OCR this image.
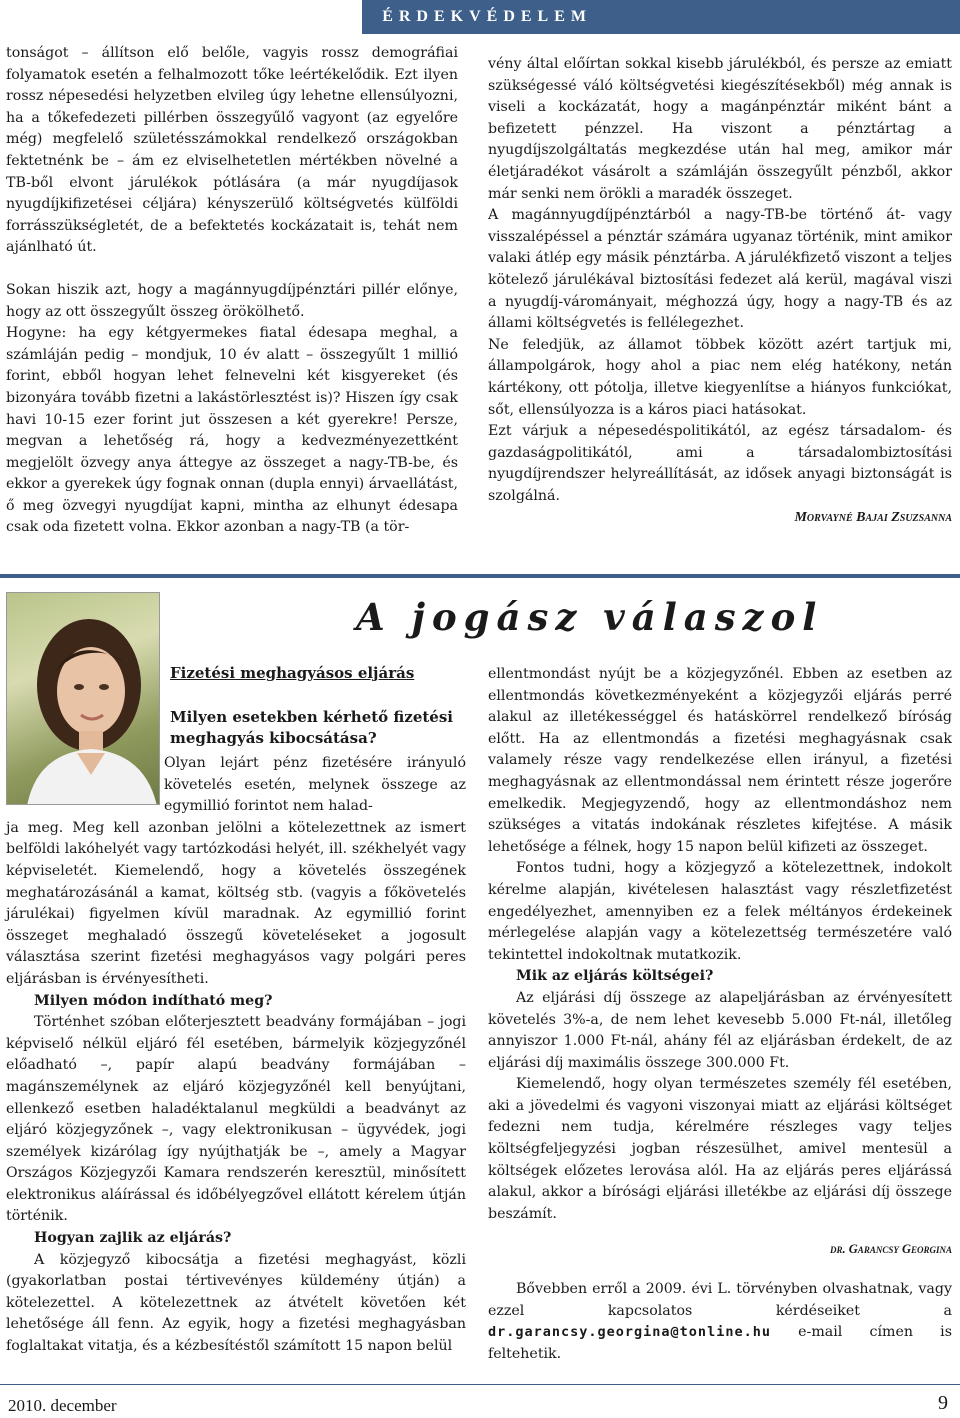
ÉRDEKVÉDELEM

tonságot – állítson elő belőle, vagyis rossz demográfiai folyamatok esetén a felhalmozott tőke leértékelődik. Ezt ilyen rossz népesedési helyzetben elvileg úgy lehetne ellensúlyozni, ha a tőkefedezeti pillérben összegyűlő vagyont (az egyelőre még) megfelelő születésszámokkal rendelkező országokban fektetnénk be – ám ez elviselhetetlen mértékben növelné a TB-ből elvont járulékok pótlására (a már nyugdíjasok nyugdíjkifizetései céljára) kényszerülő költségvetés külföldi forrásszükségletét, de a befektetés kockázatait is, tehát nem ajánlható út.

Sokan hiszik azt, hogy a magánnyugdíjpénztári pillér előnye, hogy az ott összegyűlt összeg örökölhető.

Hogyne: ha egy kétgyermekes fiatal édesapa meghal, a számláján pedig – mondjuk, 10 év alatt – összegyűlt 1 millió forint, ebből hogyan lehet felnevelni két kisgyereket (és bizonyára tovább fizetni a lakástörlesztést is)? Hiszen így csak havi 10-15 ezer forint jut összesen a két gyerekre! Persze, megvan a lehetőség rá, hogy a kedvezményezettként megjelölt özvegy anya áttegye az összeget a nagy-TB-be, és ekkor a gyerekek úgy fognak onnan (dupla ennyi) árvaellátást, ő meg özvegyi nyugdíjat kapni, mintha az elhunyt édesapa csak oda fizetett volna. Ekkor azonban a nagy-TB (a tör-

vény által előírtan sokkal kisebb járulékból, és persze az emiatt szükségessé váló költségvetési kiegészítésekből) még annak is viseli a kockázatát, hogy a magánpénztár miként bánt a befizetett pénzzel. Ha viszont a pénztártag a nyugdíjszolgáltatás megkezdése után hal meg, amikor már életjáradékot vásárolt a számláján összegyűlt pénzből, akkor már senki nem örökli a maradék összeget.

A magánnyugdíjpénztárból a nagy-TB-be történő át- vagy visszalépéssel a pénztár számára ugyanaz történik, mint amikor valaki átlép egy másik pénztárba. A járulékfizető viszont a teljes kötelező járulékával biztosítási fedezet alá kerül, magával viszi a nyugdíj-várományait, méghozzá úgy, hogy a nagy-TB és az állami költségvetés is fellélegezhet.

Ne feledjük, az államot többek között azért tartjuk mi, állampolgárok, hogy ahol a piac nem elég hatékony, netán kártékony, ott pótolja, illetve kiegyenlítse a hiányos funkciókat, sőt, ellensúlyozza is a káros piaci hatásokat.

Ezt várjuk a népesedéspolitikától, az egész társadalom- és gazdaságpolitikától, ami a társadalombiztosítási nyugdíjrendszer helyreállítását, az idősek anyagi biztonságát is szolgálná.

Morvayné Bajai Zsuzsanna

A jogász válaszol
Fizetési meghagyásos eljárás
Milyen esetekben kérhető fizetési meghagyás kibocsátása?

Olyan lejárt pénz fizetésére irányuló követelés esetén, melynek összege az egymillió forintot nem halad-

ja meg. Meg kell azonban jelölni a kötelezettnek az ismert belföldi lakóhelyét vagy tartózkodási helyét, ill. székhelyét vagy képviseletét. Kiemelendő, hogy a követelés összegének meghatározásánál a kamat, költség stb. (vagyis a főkövetelés járulékai) figyelmen kívül maradnak. Az egymillió forint összeget meghaladó összegű követeléseket a jogosult választása szerint fizetési meghagyásos vagy polgári peres eljárásban is érvényesítheti.

Milyen módon indítható meg?

Történhet szóban előterjesztett beadvány formájában – jogi képviselő nélkül eljáró fél esetében, bármelyik közjegyzőnél előadható –, papír alapú beadvány formájában – magánszemélynek az eljáró közjegyzőnél kell benyújtani, ellenkező esetben haladéktalanul megküldi a beadványt az eljáró közjegyzőnek –, vagy elektronikusan – ügyvédek, jogi személyek kizárólag így nyújthatják be –, amely a Magyar Országos Közjegyzői Kamara rendszerén keresztül, minősített elektronikus aláírással és időbélyegzővel ellátott kérelem útján történik.

Hogyan zajlik az eljárás?

A közjegyző kibocsátja a fizetési meghagyást, közli (gyakorlatban postai tértivevényes küldemény útján) a kötelezettel. A kötelezettnek az átvételt követően két lehetősége áll fenn. Az egyik, hogy a fizetési meghagyásban foglaltakat vitatja, és a kézbesítéstől számított 15 napon belül

ellentmondást nyújt be a közjegyzőnél. Ebben az esetben az ellentmondás következményeként a közjegyzői eljárás perré alakul az illetékességgel és hatáskörrel rendelkező bíróság előtt. Ha az ellentmondás a fizetési meghagyásnak csak valamely része vagy rendelkezése ellen irányul, a fizetési meghagyásnak az ellentmondással nem érintett része jogerőre emelkedik. Megjegyzendő, hogy az ellentmondáshoz nem szükséges a vitatás indokának részletes kifejtése. A másik lehetősége a félnek, hogy 15 napon belül kifizeti az összeget.

Fontos tudni, hogy a közjegyző a kötelezettnek, indokolt kérelme alapján, kivételesen halasztást vagy részletfizetést engedélyezhet, amennyiben ez a felek méltányos érdekeinek mérlegelése alapján vagy a kötelezettség természetére való tekintettel indokoltnak mutatkozik.

Mik az eljárás költségei?

Az eljárási díj összege az alapeljárásban az érvényesített követelés 3%-a, de nem lehet kevesebb 5.000 Ft-nál, illetőleg annyiszor 1.000 Ft-nál, ahány fél az eljárásban érdekelt, de az eljárási díj maximális összege 300.000 Ft.

Kiemelendő, hogy olyan természetes személy fél esetében, aki a jövedelmi és vagyoni viszonyai miatt az eljárási költséget fedezni nem tudja, kérelmére részleges vagy teljes költségfeljegyzési jogban részesülhet, amivel mentesül a költségek előzetes lerovása alól. Ha az eljárás peres eljárássá alakul, akkor a bírósági eljárási illetékbe az eljárási díj összege beszámít.

dr. Garancsy Georgina

Bővebben erről a 2009. évi L. törvényben olvashatnak, vagy ezzel kapcsolatos kérdéseiket a dr.garancsy.georgina@tonline.hu e-mail címen is feltehetik.

2010. december	9
